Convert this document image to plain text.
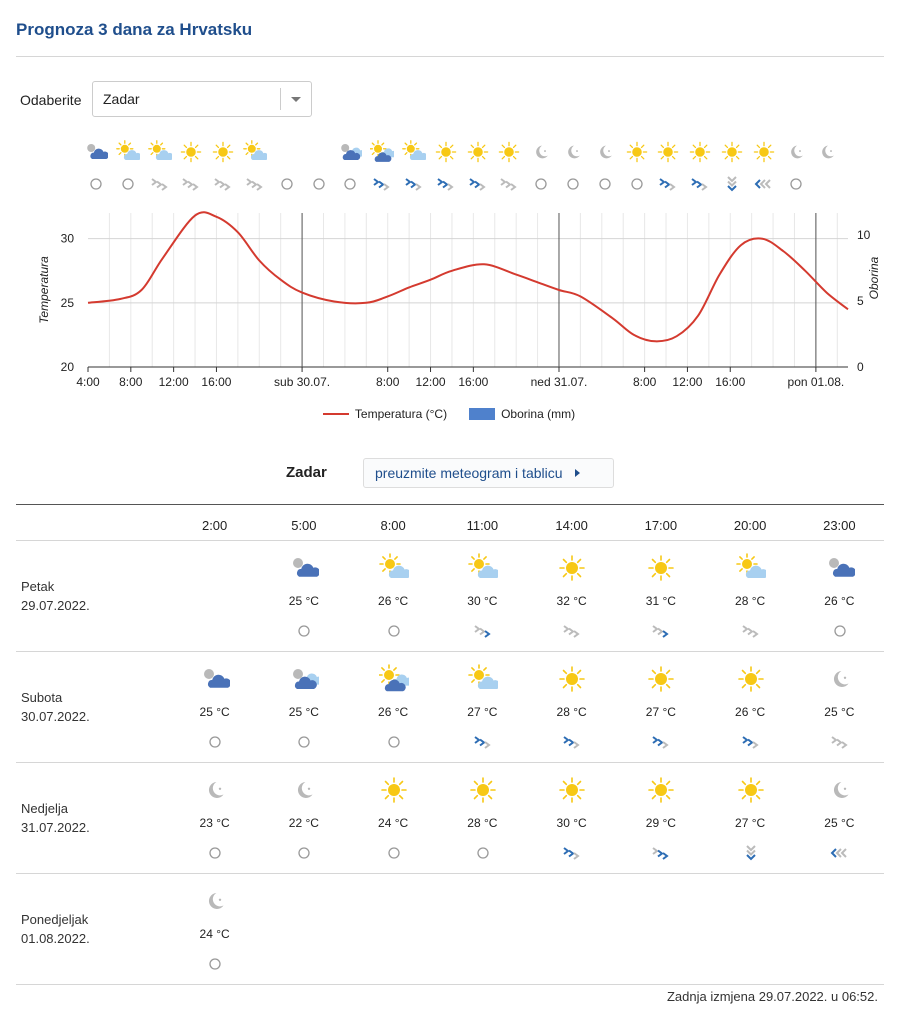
Prognoza 3 dana za Hrvatsku
Odaberite	Zadar
4:00 8:00 12:00 16:00	sub 30.07.	8:00 12:00 16:00	ned 31.07.	8:00 12:00 16:00	pon 01.08.
20
25
30
0
5
10
Temperatura	Oborina
Temperatura (°C)	Oborina (mm)
Zadar	preuzmite meteogram i tablicu
	2:00	5:00	8:00	11:00	14:00	17:00	20:00	23:00

Petak
29.07.2022.		25 °C	26 °C	30 °C	32 °C	31 °C	28 °C	26 °C

Subota
30.07.2022.	25 °C	25 °C	26 °C	27 °C	28 °C	27 °C	26 °C	25 °C

Nedjelja
31.07.2022.	23 °C	22 °C	24 °C	28 °C	30 °C	29 °C	27 °C	25 °C

Ponedjeljak
01.08.2022.	24 °C							

Zadnja izmjena 29.07.2022. u 06:52.
